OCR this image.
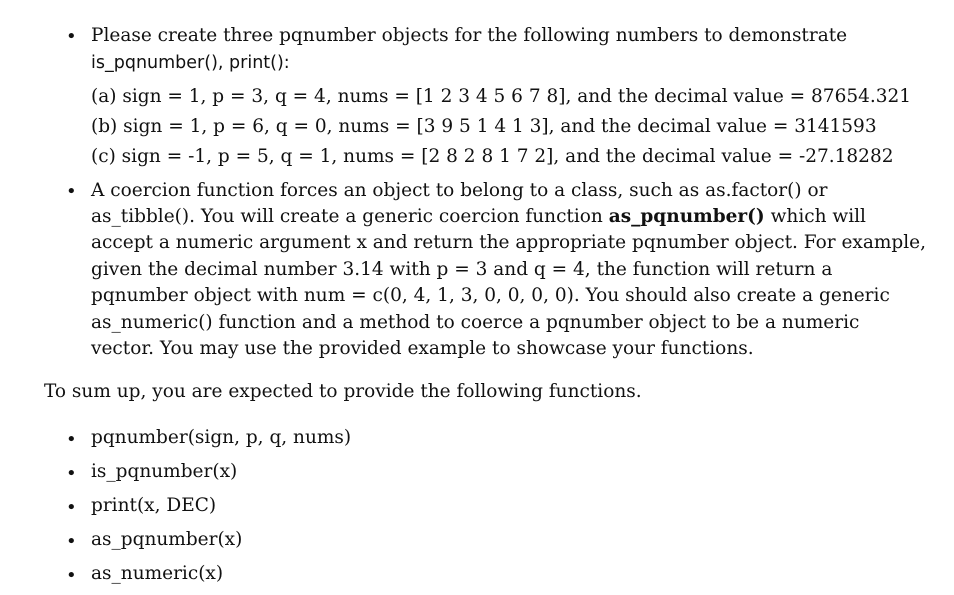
• Please create three pqnumber objects for the following numbers to demonstrate
is_pqnumber(), print():
(a) sign = 1, p = 3, q = 4, nums = [1 2 3 4 5 6 7 8], and the decimal value = 87654.321
(b) sign = 1, p = 6, q = 0, nums = [3 9 5 1 4 1 3], and the decimal value = 3141593
(c) sign = -1, p = 5, q = 1, nums = [2 8 2 8 1 7 2], and the decimal value = -27.18282
• A coercion function forces an object to belong to a class, such as as.factor() or
as_tibble(). You will create a generic coercion function as_pqnumber() which will
accept a numeric argument x and return the appropriate pqnumber object. For example,
given the decimal number 3.14 with p = 3 and q = 4, the function will return a
pqnumber object with num = c(0, 4, 1, 3, 0, 0, 0, 0). You should also create a generic
as_numeric() function and a method to coerce a pqnumber object to be a numeric
vector. You may use the provided example to showcase your functions.
To sum up, you are expected to provide the following functions.
• pqnumber(sign, p, q, nums)
• is_pqnumber(x)
• print(x, DEC)
• as_pqnumber(x)
• as_numeric(x)
